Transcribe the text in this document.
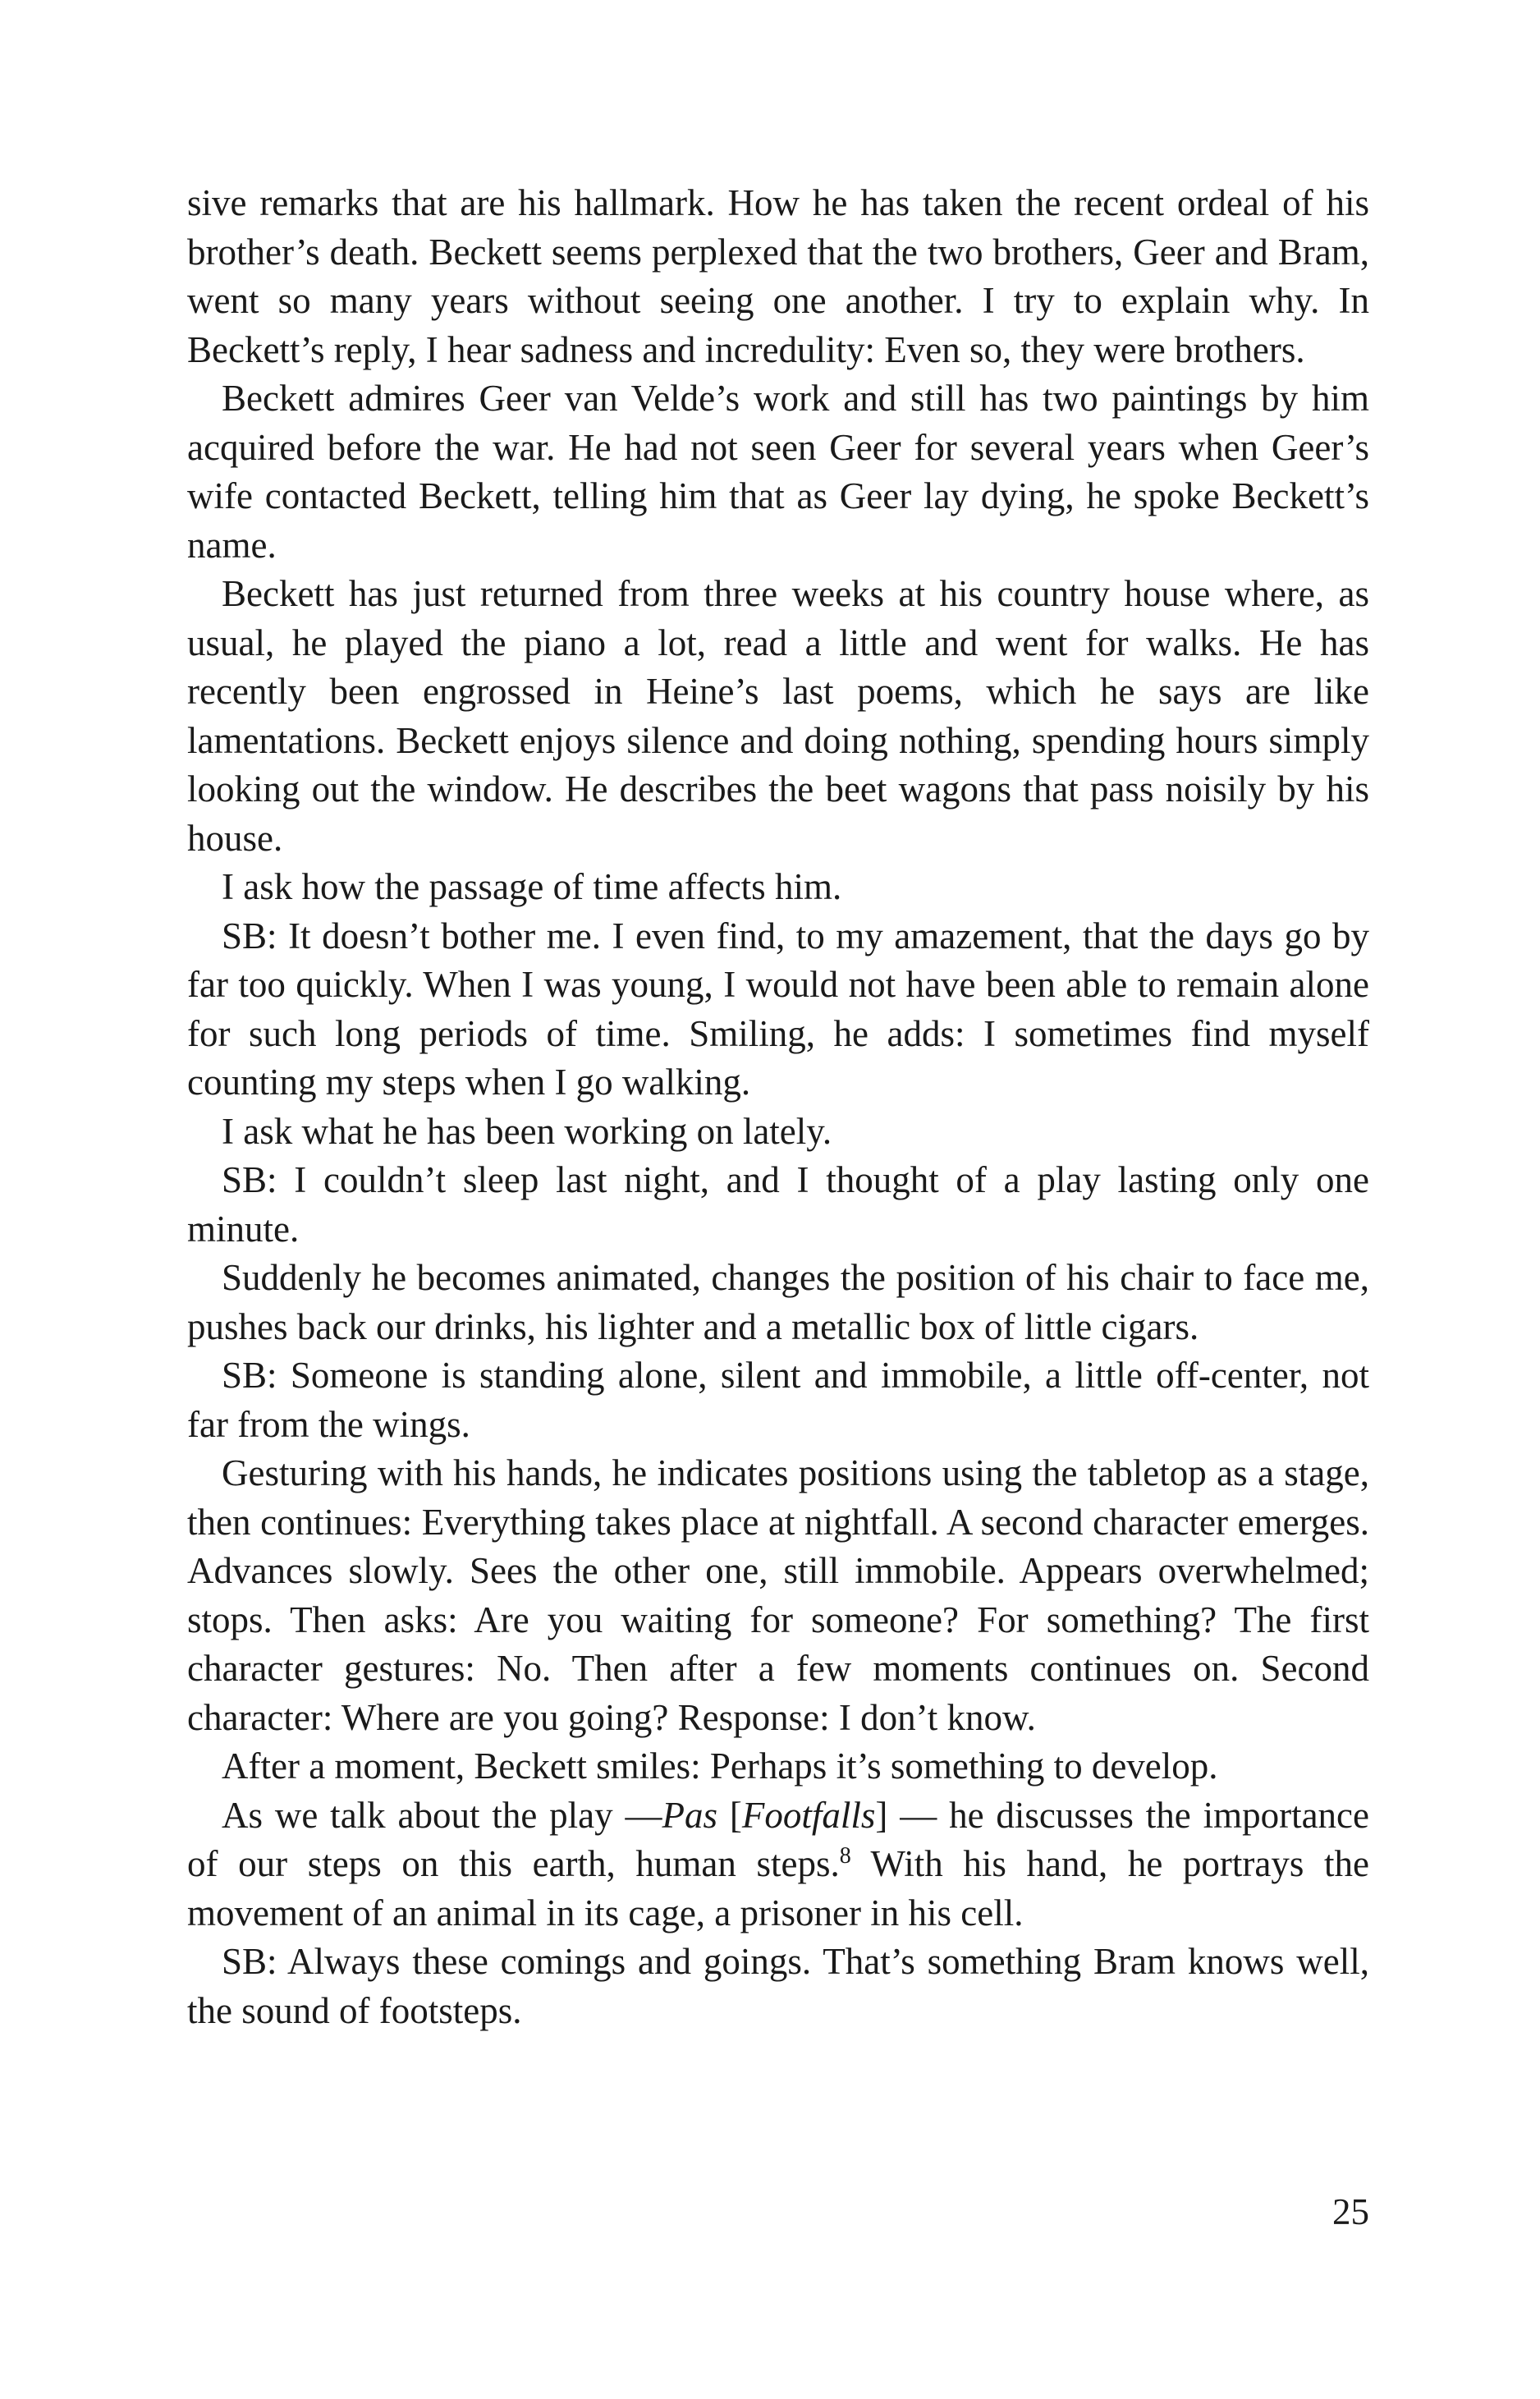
sive remarks that are his hallmark. How he has taken the recent ordeal of his brother’s death. Beckett seems perplexed that the two brothers, Geer and Bram, went so many years without seeing one another. I try to explain why. In Beckett’s reply, I hear sadness and incredulity: Even so, they were brothers.

Beckett admires Geer van Velde’s work and still has two paintings by him acquired before the war. He had not seen Geer for several years when Geer’s wife contacted Beckett, telling him that as Geer lay dying, he spoke Beckett’s name.

Beckett has just returned from three weeks at his country house where, as usual, he played the piano a lot, read a little and went for walks. He has recently been engrossed in Heine’s last poems, which he says are like lamentations. Beckett enjoys silence and doing nothing, spending hours simply looking out the window. He describes the beet wagons that pass noisily by his house.

I ask how the passage of time affects him.

SB: It doesn’t bother me. I even find, to my amazement, that the days go by far too quickly. When I was young, I would not have been able to remain alone for such long periods of time. Smiling, he adds: I sometimes find myself counting my steps when I go walking.

I ask what he has been working on lately.

SB: I couldn’t sleep last night, and I thought of a play lasting only one minute.

Suddenly he becomes animated, changes the position of his chair to face me, pushes back our drinks, his lighter and a metallic box of little cigars.

SB: Someone is standing alone, silent and immobile, a little off-center, not far from the wings.

Gesturing with his hands, he indicates positions using the tabletop as a stage, then continues: Everything takes place at nightfall. A second character emerges. Advances slowly. Sees the other one, still immobile. Appears overwhelmed; stops. Then asks: Are you waiting for someone? For something? The first character gestures: No. Then after a few moments continues on. Second character: Where are you going? Response: I don’t know.

After a moment, Beckett smiles: Perhaps it’s something to develop.

As we talk about the play —Pas [Footfalls] — he discusses the importance of our steps on this earth, human steps.$^8$ With his hand, he portrays the movement of an animal in its cage, a prisoner in his cell.

SB: Always these comings and goings. That’s something Bram knows well, the sound of footsteps.

25
